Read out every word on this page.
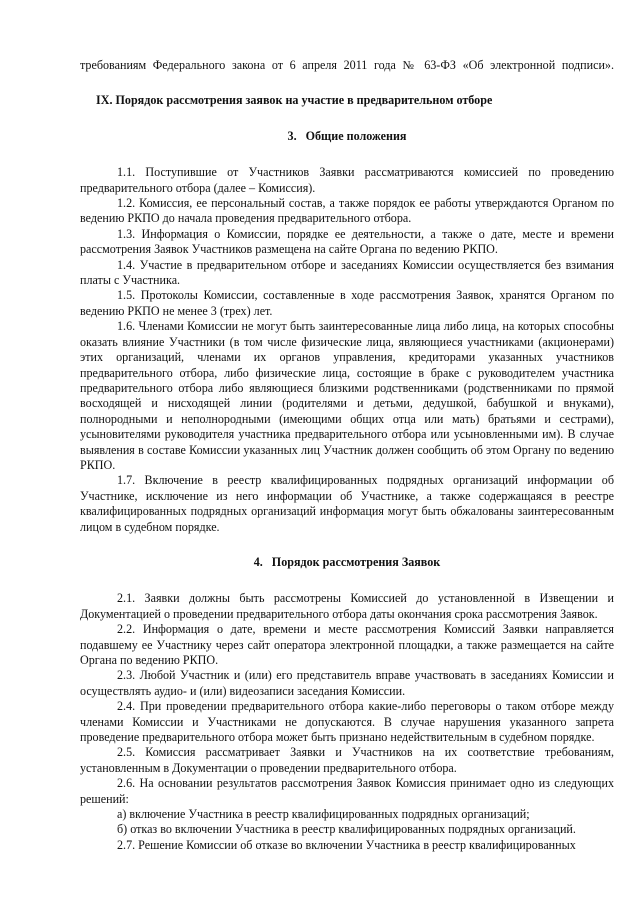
требованиям Федерального закона от 6 апреля 2011 года № 63-ФЗ «Об электронной подписи».

IX. Порядок рассмотрения заявок на участие в предварительном отборе

3. Общие положения

1.1. Поступившие от Участников Заявки рассматриваются комиссией по проведению предварительного отбора (далее – Комиссия).

1.2. Комиссия, ее персональный состав, а также порядок ее работы утверждаются Органом по ведению РКПО до начала проведения предварительного отбора.

1.3. Информация о Комиссии, порядке ее деятельности, а также о дате, месте и времени рассмотрения Заявок Участников размещена на сайте Органа по ведению РКПО.

1.4. Участие в предварительном отборе и заседаниях Комиссии осуществляется без взимания платы с Участника.

1.5. Протоколы Комиссии, составленные в ходе рассмотрения Заявок, хранятся Органом по ведению РКПО не менее 3 (трех) лет.

1.6. Членами Комиссии не могут быть заинтересованные лица либо лица, на которых способны оказать влияние Участники (в том числе физические лица, являющиеся участниками (акционерами) этих организаций, членами их органов управления, кредиторами указанных участников предварительного отбора, либо физические лица, состоящие в браке с руководителем участника предварительного отбора либо являющиеся близкими родственниками (родственниками по прямой восходящей и нисходящей линии (родителями и детьми, дедушкой, бабушкой и внуками), полнородными и неполнородными (имеющими общих отца или мать) братьями и сестрами), усыновителями руководителя участника предварительного отбора или усыновленными им). В случае выявления в составе Комиссии указанных лиц Участник должен сообщить об этом Органу по ведению РКПО.

1.7. Включение в реестр квалифицированных подрядных организаций информации об Участнике, исключение из него информации об Участнике, а также содержащаяся в реестре квалифицированных подрядных организаций информация могут быть обжалованы заинтересованным лицом в судебном порядке.

4. Порядок рассмотрения Заявок

2.1. Заявки должны быть рассмотрены Комиссией до установленной в Извещении и Документацией о проведении предварительного отбора даты окончания срока рассмотрения Заявок.

2.2. Информация о дате, времени и месте рассмотрения Комиссий Заявки направляется подавшему ее Участнику через сайт оператора электронной площадки, а также размещается на сайте Органа по ведению РКПО.

2.3. Любой Участник и (или) его представитель вправе участвовать в заседаниях Комиссии и осуществлять аудио- и (или) видеозаписи заседания Комиссии.

2.4. При проведении предварительного отбора какие-либо переговоры о таком отборе между членами Комиссии и Участниками не допускаются. В случае нарушения указанного запрета проведение предварительного отбора может быть признано недействительным в судебном порядке.

2.5. Комиссия рассматривает Заявки и Участников на их соответствие требованиям, установленным в Документации о проведении предварительного отбора.

2.6. На основании результатов рассмотрения Заявок Комиссия принимает одно из следующих решений:

а) включение Участника в реестр квалифицированных подрядных организаций;

б) отказ во включении Участника в реестр квалифицированных подрядных организаций.

2.7. Решение Комиссии об отказе во включении Участника в реестр квалифицированных
